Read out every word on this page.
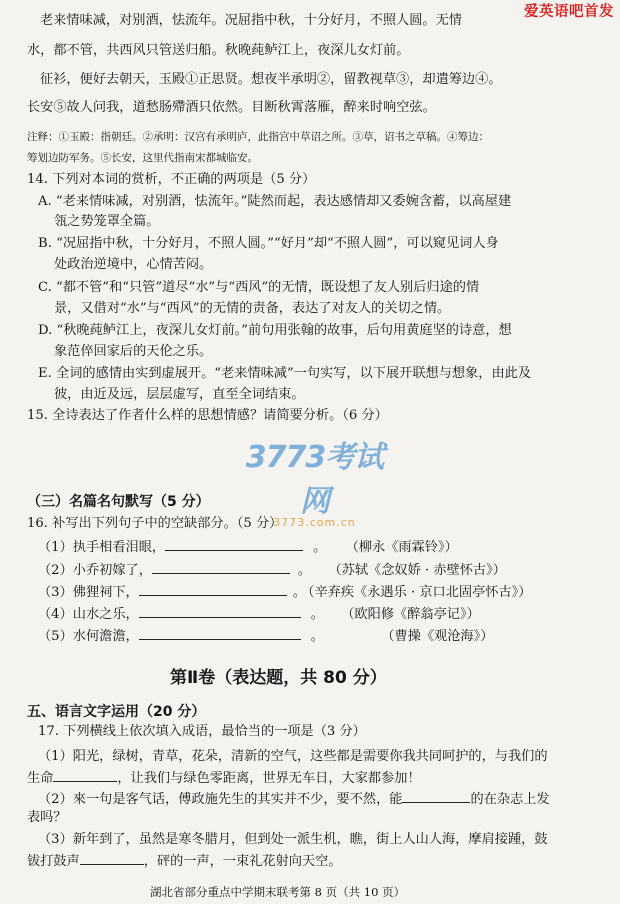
爱英语吧首发
老来情味减，对别酒，怯流年。况屈指中秋，十分好月，不照人圆。无情
水，都不管，共西风只管送归船。秋晚莼鲈江上，夜深儿女灯前。
征衫，便好去朝天，玉殿①正思贤。想夜半承明②，留教视草③，却遣筹边④。
长安⑤故人问我，道愁肠殢酒只依然。目断秋霄落雁，醉来时响空弦。
注释：①玉殿：指朝廷。②承明：汉宫有承明庐，此指宫中草诏之所。③草，诏书之草稿。④筹边：
筹划边防军务。⑤长安，这里代指南宋都城临安。
14. 下列对本词的赏析，不正确的两项是（5 分）
A. “老来情味减，对别酒，怯流年。”陡然而起，表达感情却又委婉含蓄，以高屋建
瓴之势笼罩全篇。
B. “况屈指中秋，十分好月，不照人圆。”“好月”却“不照人圆”，可以窥见词人身
处政治逆境中，心情苦闷。
C. “都不管”和“只管”道尽“水”与“西风”的无情，既设想了友人别后归途的情
景，又借对“水”与“西风”的无情的责备，表达了对友人的关切之情。
D. “秋晚莼鲈江上，夜深儿女灯前。”前句用张翰的故事，后句用黄庭坚的诗意，想
象范倅回家后的天伦之乐。
E. 全词的感情由实到虚展开。“老来情味减”一句实写，以下展开联想与想象，由此及
彼，由近及远，层层虚写，直至全词结束。
15. 全诗表达了作者什么样的思想情感？请简要分析。（6 分）
3773考试网
3773.com.cn
（三）名篇名句默写（5 分）
16. 补写出下列句子中的空缺部分。（5 分）
（1）执手相看泪眼，	。 （柳永《雨霖铃》）
（2）小乔初嫁了，	。 （苏轼《念奴娇 · 赤壁怀古》）
（3）佛狸祠下，	。 （辛弃疾《永遇乐 · 京口北固亭怀古》）
（4）山水之乐，	。 （欧阳修《醉翁亭记》）
（5）水何澹澹，	。	（曹操《观沧海》）
第Ⅱ卷（表达题，共 80 分）
五、语言文字运用（20 分）
17. 下列横线上依次填入成语，最恰当的一项是（3 分）
（1）阳光，绿树，青草，花朵，清新的空气，这些都是需要你我共同呵护的，与我们的
生命	，让我们与绿色零距离，世界无车日，大家都参加！
（2）來一句是客气话，傅政施先生的其实并不少，要不然，能	的在杂志上发
表吗？
（3）新年到了，虽然是寒冬腊月，但到处一派生机，瞧，街上人山人海，摩肩接踵，鼓
钹打鼓声	，砰的一声，一束礼花射向天空。
湖北省部分重点中学期末联考第 8 页（共 10 页）
